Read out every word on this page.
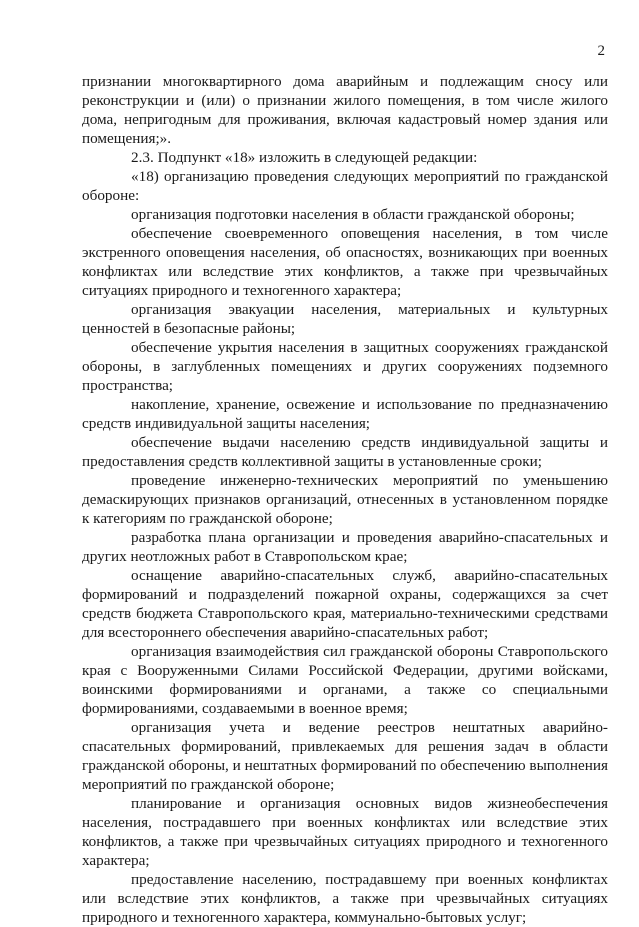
2

признании многоквартирного дома аварийным и подлежащим сносу или реконструкции и (или) о признании жилого помещения, в том числе жилого дома, непригодным для проживания, включая кадастровый номер здания или помещения;».

2.3. Подпункт «18» изложить в следующей редакции:

«18) организацию проведения следующих мероприятий по гражданской обороне:

организация подготовки населения в области гражданской обороны;

обеспечение своевременного оповещения населения, в том числе экстренного оповещения населения, об опасностях, возникающих при военных конфликтах или вследствие этих конфликтов, а также при чрезвычайных ситуациях природного и техногенного характера;

организация эвакуации населения, материальных и культурных ценностей в безопасные районы;

обеспечение укрытия населения в защитных сооружениях гражданской обороны, в заглубленных помещениях и других сооружениях подземного пространства;

накопление, хранение, освежение и использование по предназначению средств индивидуальной защиты населения;

обеспечение выдачи населению средств индивидуальной защиты и предоставления средств коллективной защиты в установленные сроки;

проведение инженерно-технических мероприятий по уменьшению демаскирующих признаков организаций, отнесенных в установленном порядке к категориям по гражданской обороне;

разработка плана организации и проведения аварийно-спасательных и других неотложных работ в Ставропольском крае;

оснащение аварийно-спасательных служб, аварийно-спасательных формирований и подразделений пожарной охраны, содержащихся за счет средств бюджета Ставропольского края, материально-техническими средствами для всестороннего обеспечения аварийно-спасательных работ;

организация взаимодействия сил гражданской обороны Ставропольского края с Вооруженными Силами Российской Федерации, другими войсками, воинскими формированиями и органами, а также со специальными формированиями, создаваемыми в военное время;

организация учета и ведение реестров нештатных аварийно-спасательных формирований, привлекаемых для решения задач в области гражданской обороны, и нештатных формирований по обеспечению выполнения мероприятий по гражданской обороне;

планирование и организация основных видов жизнеобеспечения населения, пострадавшего при военных конфликтах или вследствие этих конфликтов, а также при чрезвычайных ситуациях природного и техногенного характера;

предоставление населению, пострадавшему при военных конфликтах или вследствие этих конфликтов, а также при чрезвычайных ситуациях природного и техногенного характера, коммунально-бытовых услуг;
